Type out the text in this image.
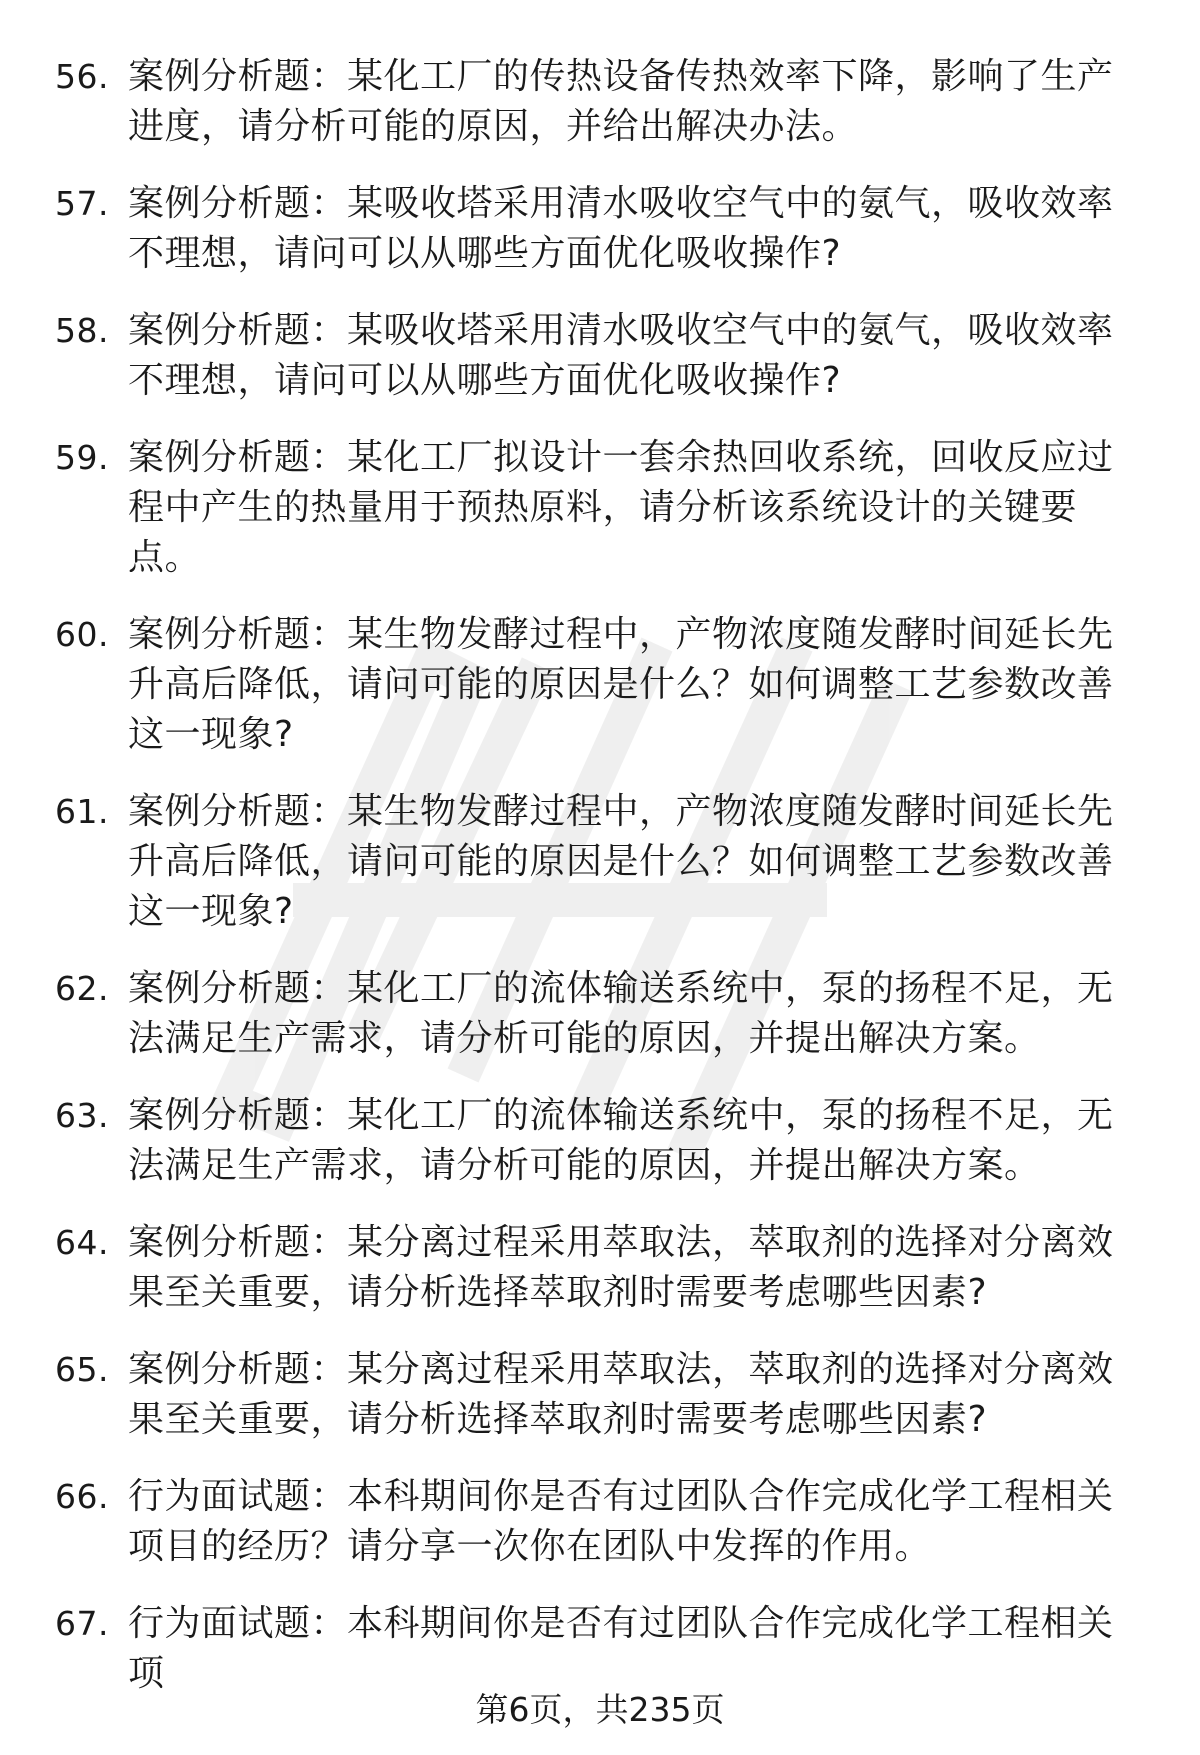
56. 案例分析题：某化工厂的传热设备传热效率下降，影响了生产进度，请分析可能的原因，并给出解决办法。
57. 案例分析题：某吸收塔采用清水吸收空气中的氨气，吸收效率不理想，请问可以从哪些方面优化吸收操作?
58. 案例分析题：某吸收塔采用清水吸收空气中的氨气，吸收效率不理想，请问可以从哪些方面优化吸收操作?
59. 案例分析题：某化工厂拟设计一套余热回收系统，回收反应过程中产生的热量用于预热原料，请分析该系统设计的关键要点。
60. 案例分析题：某生物发酵过程中，产物浓度随发酵时间延长先升高后降低，请问可能的原因是什么？如何调整工艺参数改善这一现象?
61. 案例分析题：某生物发酵过程中，产物浓度随发酵时间延长先升高后降低，请问可能的原因是什么？如何调整工艺参数改善这一现象?
62. 案例分析题：某化工厂的流体输送系统中，泵的扬程不足，无法满足生产需求，请分析可能的原因，并提出解决方案。
63. 案例分析题：某化工厂的流体输送系统中，泵的扬程不足，无法满足生产需求，请分析可能的原因，并提出解决方案。
64. 案例分析题：某分离过程采用萃取法，萃取剂的选择对分离效果至关重要，请分析选择萃取剂时需要考虑哪些因素?
65. 案例分析题：某分离过程采用萃取法，萃取剂的选择对分离效果至关重要，请分析选择萃取剂时需要考虑哪些因素?
66. 行为面试题：本科期间你是否有过团队合作完成化学工程相关项目的经历？请分享一次你在团队中发挥的作用。
67. 行为面试题：本科期间你是否有过团队合作完成化学工程相关项
第6页，共235页
